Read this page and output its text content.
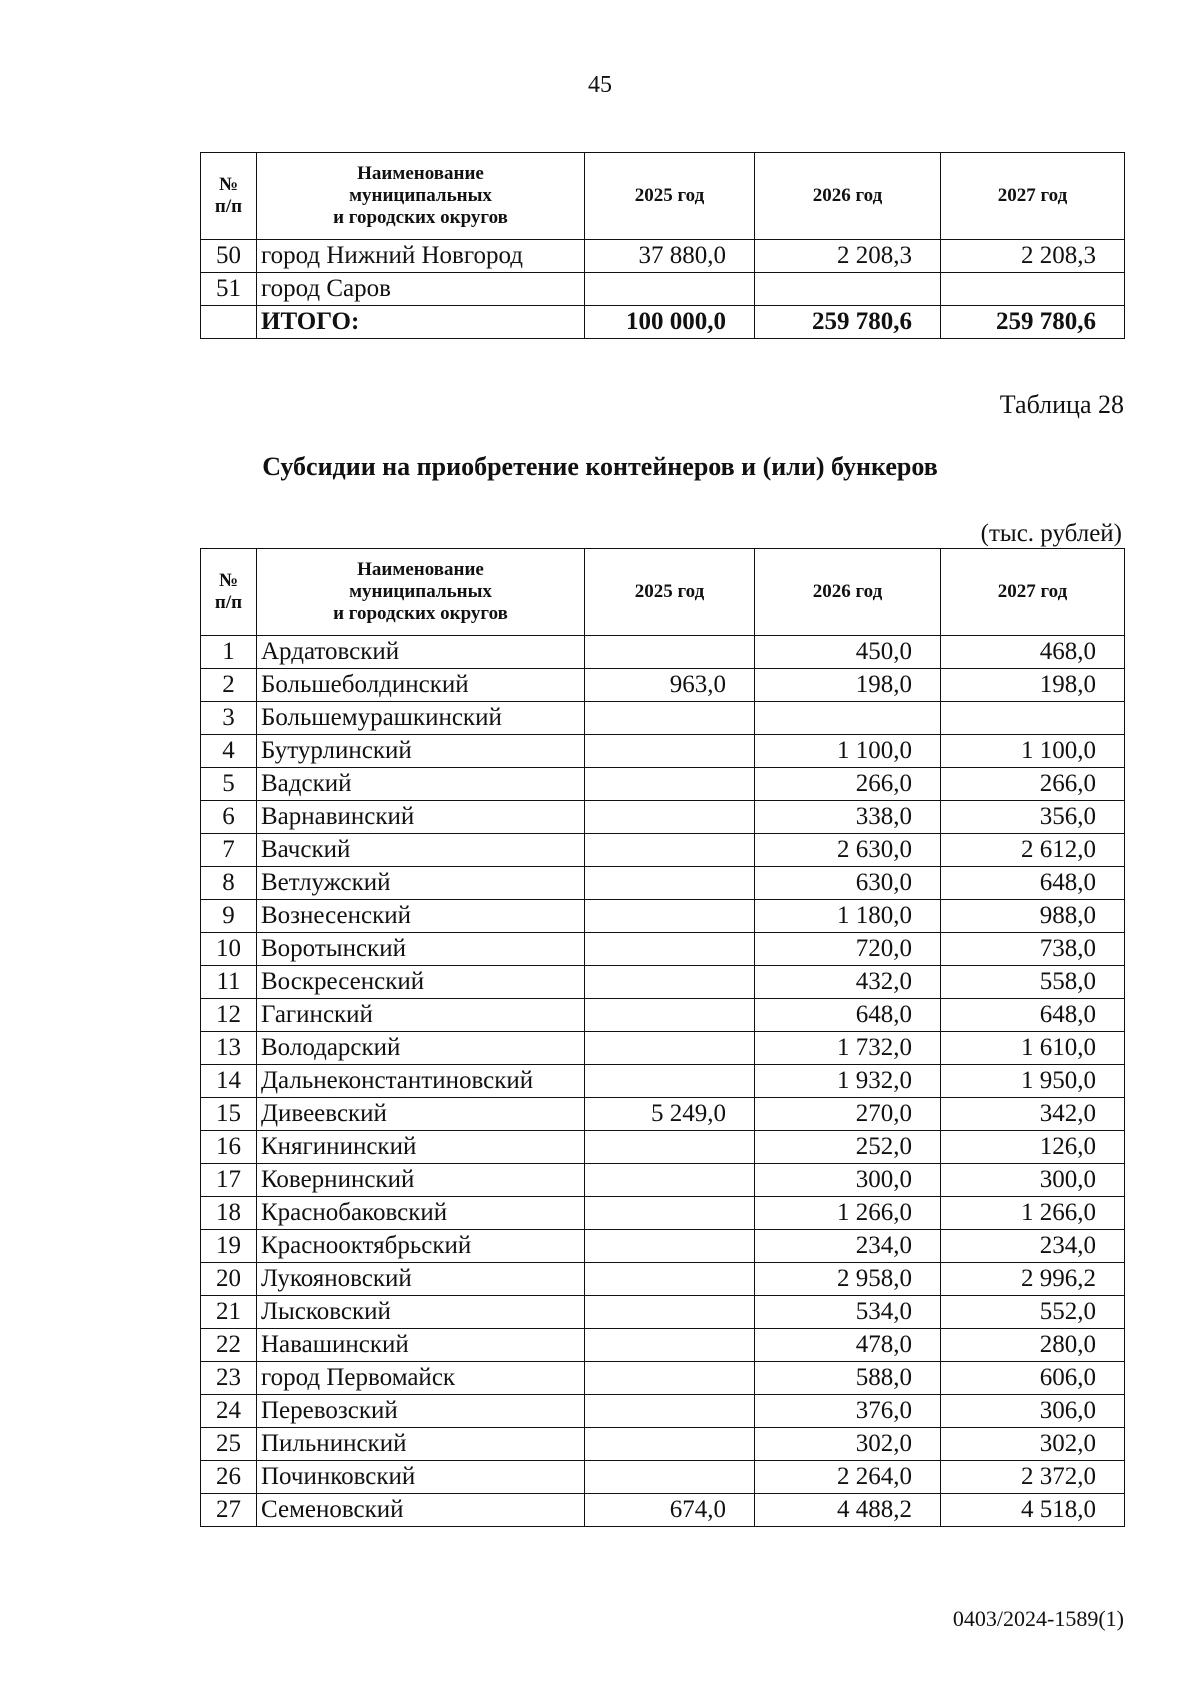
45
№
п/п	Наименование
муниципальных
и городских округов	2025 год	2026 год	2027 год
50	город Нижний Новгород	37 880,0	2 208,3	2 208,3
51	город Саров			
	ИТОГО:	100 000,0	259 780,6	259 780,6
Таблица 28
Субсидии на приобретение контейнеров и (или) бункеров
(тыс. рублей)
№
п/п	Наименование
муниципальных
и городских округов	2025 год	2026 год	2027 год
1	Ардатовский		450,0	468,0
2	Большеболдинский	963,0	198,0	198,0
3	Большемурашкинский			
4	Бутурлинский		1 100,0	1 100,0
5	Вадский		266,0	266,0
6	Варнавинский		338,0	356,0
7	Вачский		2 630,0	2 612,0
8	Ветлужский		630,0	648,0
9	Вознесенский		1 180,0	988,0
10	Воротынский		720,0	738,0
11	Воскресенский		432,0	558,0
12	Гагинский		648,0	648,0
13	Володарский		1 732,0	1 610,0
14	Дальнеконстантиновский		1 932,0	1 950,0
15	Дивеевский	5 249,0	270,0	342,0
16	Княгининский		252,0	126,0
17	Ковернинский		300,0	300,0
18	Краснобаковский		1 266,0	1 266,0
19	Краснооктябрьский		234,0	234,0
20	Лукояновский		2 958,0	2 996,2
21	Лысковский		534,0	552,0
22	Навашинский		478,0	280,0
23	город Первомайск		588,0	606,0
24	Перевозский		376,0	306,0
25	Пильнинский		302,0	302,0
26	Починковский		2 264,0	2 372,0
27	Семеновский	674,0	4 488,2	4 518,0
0403/2024-1589(1)
